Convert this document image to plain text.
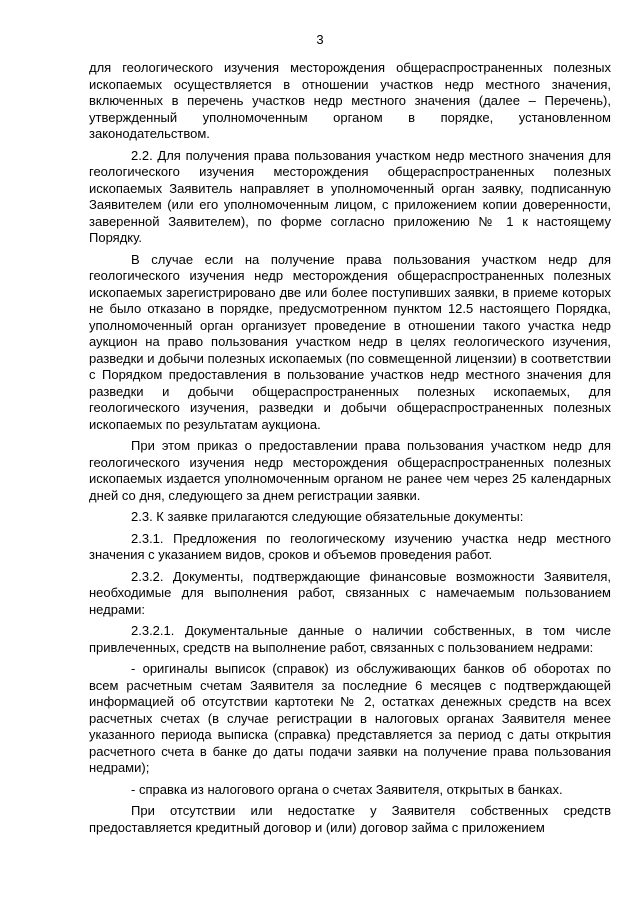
3

для геологического изучения месторождения общераспространенных полезных ископаемых осуществляется в отношении участков недр местного значения, включенных в перечень участков недр местного значения (далее – Перечень), утвержденный уполномоченным органом в порядке, установленном законодательством.

2.2. Для получения права пользования участком недр местного значения для геологического изучения месторождения общераспространенных полезных ископаемых Заявитель направляет в уполномоченный орган заявку, подписанную Заявителем (или его уполномоченным лицом, с приложением копии доверенности, заверенной Заявителем), по форме согласно приложению № 1 к настоящему Порядку.

В случае если на получение права пользования участком недр для геологического изучения недр месторождения общераспространенных полезных ископаемых зарегистрировано две или более поступивших заявки, в приеме которых не было отказано в порядке, предусмотренном пунктом 12.5 настоящего Порядка, уполномоченный орган организует проведение в отношении такого участка недр аукцион на право пользования участком недр в целях геологического изучения, разведки и добычи полезных ископаемых (по совмещенной лицензии) в соответствии с Порядком предоставления в пользование участков недр местного значения для разведки и добычи общераспространенных полезных ископаемых, для геологического изучения, разведки и добычи общераспространенных полезных ископаемых по результатам аукциона.

При этом приказ о предоставлении права пользования участком недр для геологического изучения недр месторождения общераспространенных полезных ископаемых издается уполномоченным органом не ранее чем через 25 календарных дней со дня, следующего за днем регистрации заявки.

2.3. К заявке прилагаются следующие обязательные документы:

2.3.1. Предложения по геологическому изучению участка недр местного значения с указанием видов, сроков и объемов проведения работ.

2.3.2. Документы, подтверждающие финансовые возможности Заявителя, необходимые для выполнения работ, связанных с намечаемым пользованием недрами:

2.3.2.1. Документальные данные о наличии собственных, в том числе привлеченных, средств на выполнение работ, связанных с пользованием недрами:

- оригиналы выписок (справок) из обслуживающих банков об оборотах по всем расчетным счетам Заявителя за последние 6 месяцев с подтверждающей информацией об отсутствии картотеки № 2, остатках денежных средств на всех расчетных счетах (в случае регистрации в налоговых органах Заявителя менее указанного периода выписка (справка) представляется за период с даты открытия расчетного счета в банке до даты подачи заявки на получение права пользования недрами);

- справка из налогового органа о счетах Заявителя, открытых в банках.

При отсутствии или недостатке у Заявителя собственных средств предоставляется кредитный договор и (или) договор займа с приложением
